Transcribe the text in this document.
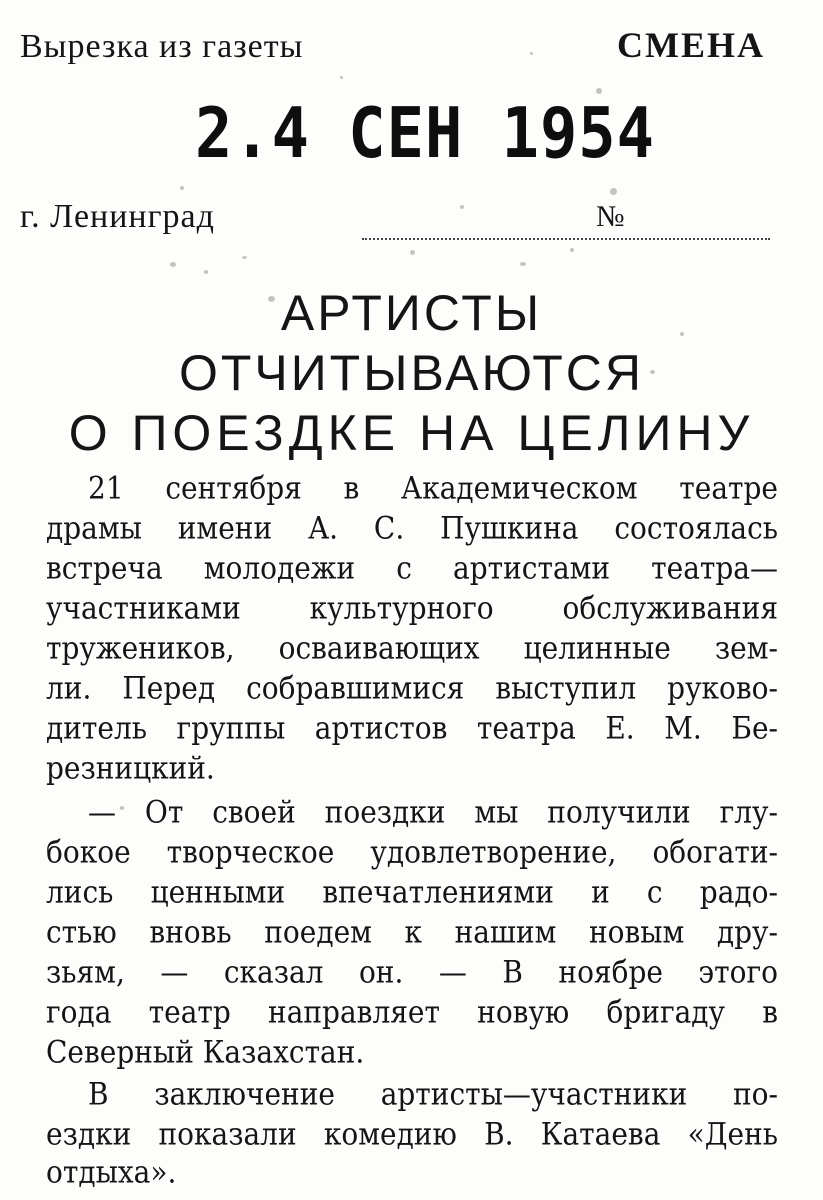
Вырезка из газеты	СМЕНА
2.4 СЕН 1954
г. Ленинград	№
АРТИСТЫ
ОТЧИТЫВАЮТСЯ
О ПОЕЗДКЕ НА ЦЕЛИНУ
21 сентября в Академическом театре
драмы имени А. С. Пушкина состоялась
встреча молодежи с артистами театра—
участниками культурного обслуживания
тружеников, осваивающих целинные зем-
ли. Перед собравшимися выступил руково-
дитель группы артистов театра Е. М. Бе-
резницкий.
— От своей поездки мы получили глу-
бокое творческое удовлетворение, обогати-
лись ценными впечатлениями и с радо-
стью вновь поедем к нашим новым дру-
зьям, — сказал он. — В ноябре этого
года театр направляет новую бригаду в
Северный Казахстан.
В заключение артисты—участники по-
ездки показали комедию В. Катаева «День
отдыха».
